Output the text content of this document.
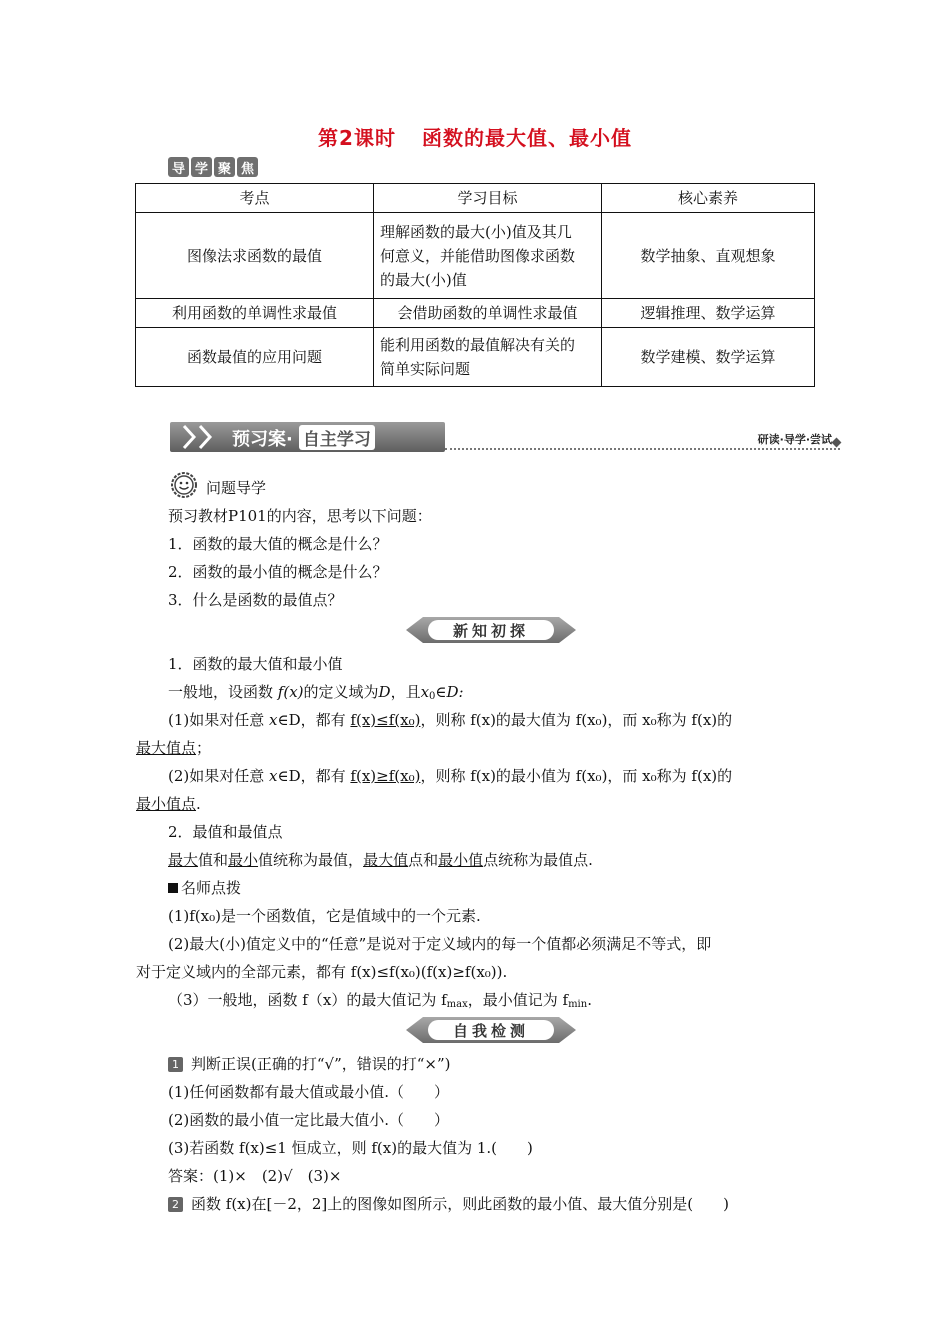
第2课时 函数的最大值、最小值
导 学 聚 焦
考点	学习目标	核心素养
图像法求函数的最值	理解函数的最大(小)值及其几
何意义，并能借助图像求函数
的最大(小)值	数学抽象、直观想象
利用函数的单调性求最值	会借助函数的单调性求最值	逻辑推理、数学运算
函数最值的应用问题	能利用函数的最值解决有关的
简单实际问题	数学建模、数学运算
预习案· 自主学习	研读·导学·尝试
问题导学
预习教材P101的内容，思考以下问题：
1．函数的最大值的概念是什么？
2．函数的最小值的概念是什么？
3．什么是函数的最值点？
新知初探
1．函数的最大值和最小值
一般地，设函数 f(x)的定义域为D，且$x_0\in D$:
(1)如果对任意 x∈D，都有 f(x)≤f(x₀)，则称 f(x)的最大值为 f(x₀)，而 x₀称为 f(x)的
最大值点；
(2)如果对任意 x∈D，都有 f(x)≥f(x₀)，则称 f(x)的最小值为 f(x₀)，而 x₀称为 f(x)的
最小值点.
2．最值和最值点
最大值和最小值统称为最值，最大值点和最小值点统称为最值点.
名师点拨
(1)f(x₀)是一个函数值，它是值域中的一个元素.
(2)最大(小)值定义中的“任意”是说对于定义域内的每一个值都必须满足不等式，即
对于定义域内的全部元素，都有 f(x)≤f(x₀)(f(x)≥f(x₀)).
（3）一般地，函数 f（x）的最大值记为 $f_{max}$，最小值记为 $f_{min}$.
自我检测
1 判断正误(正确的打“√”，错误的打“×”)
(1)任何函数都有最大值或最小值.（　　）
(2)函数的最小值一定比最大值小.（　　）
(3)若函数 f(x)≤1 恒成立，则 f(x)的最大值为 1.(　　)
答案：(1)×　(2)√　(3)×
2 函数 f(x)在[－2，2]上的图像如图所示，则此函数的最小值、最大值分别是(　　)
